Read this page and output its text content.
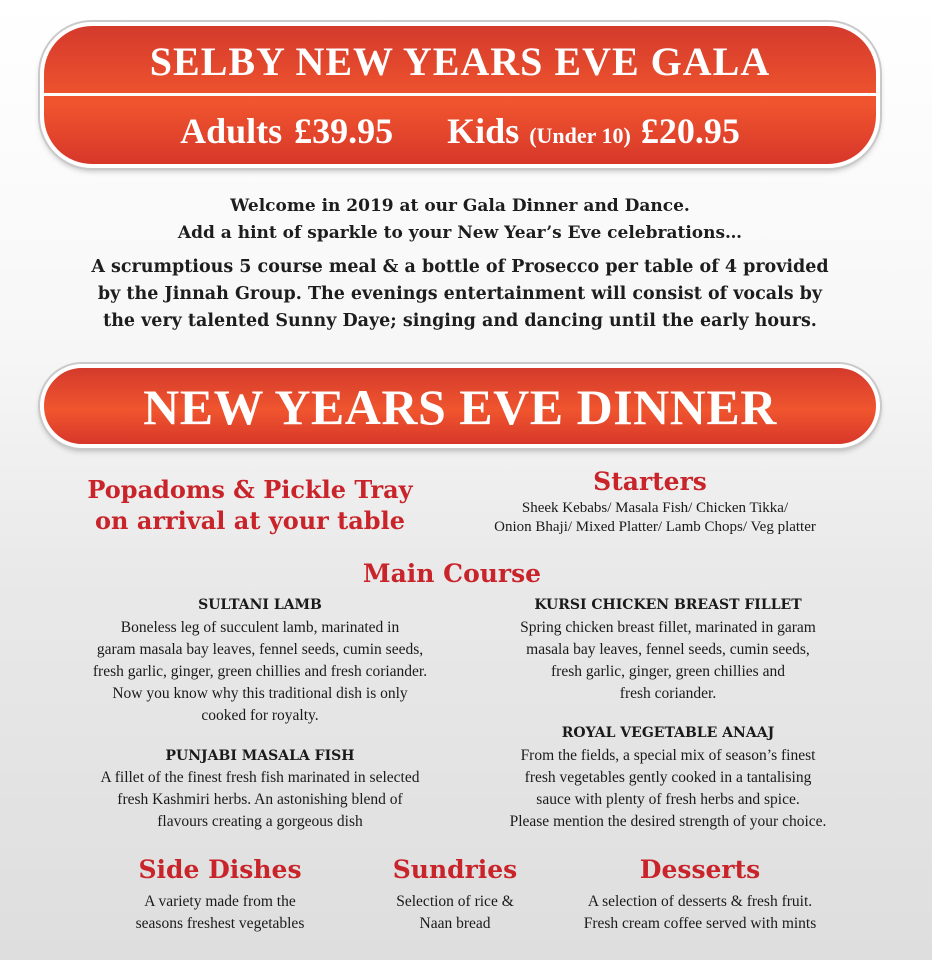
SELBY NEW YEARS EVE GALA
Adults £39.95 Kids (Under 10) £20.95
Welcome in 2019 at our Gala Dinner and Dance.
Add a hint of sparkle to your New Year’s Eve celebrations…
A scrumptious 5 course meal & a bottle of Prosecco per table of 4 provided
by the Jinnah Group. The evenings entertainment will consist of vocals by
the very talented Sunny Daye; singing and dancing until the early hours.
NEW YEARS EVE DINNER
Popadoms & Pickle Tray
on arrival at your table
Starters
Sheek Kebabs/ Masala Fish/ Chicken Tikka/
Onion Bhaji/ Mixed Platter/ Lamb Chops/ Veg platter
Main Course
SULTANI LAMB
Boneless leg of succulent lamb, marinated in
garam masala bay leaves, fennel seeds, cumin seeds,
fresh garlic, ginger, green chillies and fresh coriander.
Now you know why this traditional dish is only
cooked for royalty.
KURSI CHICKEN BREAST FILLET
Spring chicken breast fillet, marinated in garam
masala bay leaves, fennel seeds, cumin seeds,
fresh garlic, ginger, green chillies and
fresh coriander.
PUNJABI MASALA FISH
A fillet of the finest fresh fish marinated in selected
fresh Kashmiri herbs. An astonishing blend of
flavours creating a gorgeous dish
ROYAL VEGETABLE ANAAJ
From the fields, a special mix of season’s finest
fresh vegetables gently cooked in a tantalising
sauce with plenty of fresh herbs and spice.
Please mention the desired strength of your choice.
Side Dishes
A variety made from the
seasons freshest vegetables
Sundries
Selection of rice &
Naan bread
Desserts
A selection of desserts & fresh fruit.
Fresh cream coffee served with mints
